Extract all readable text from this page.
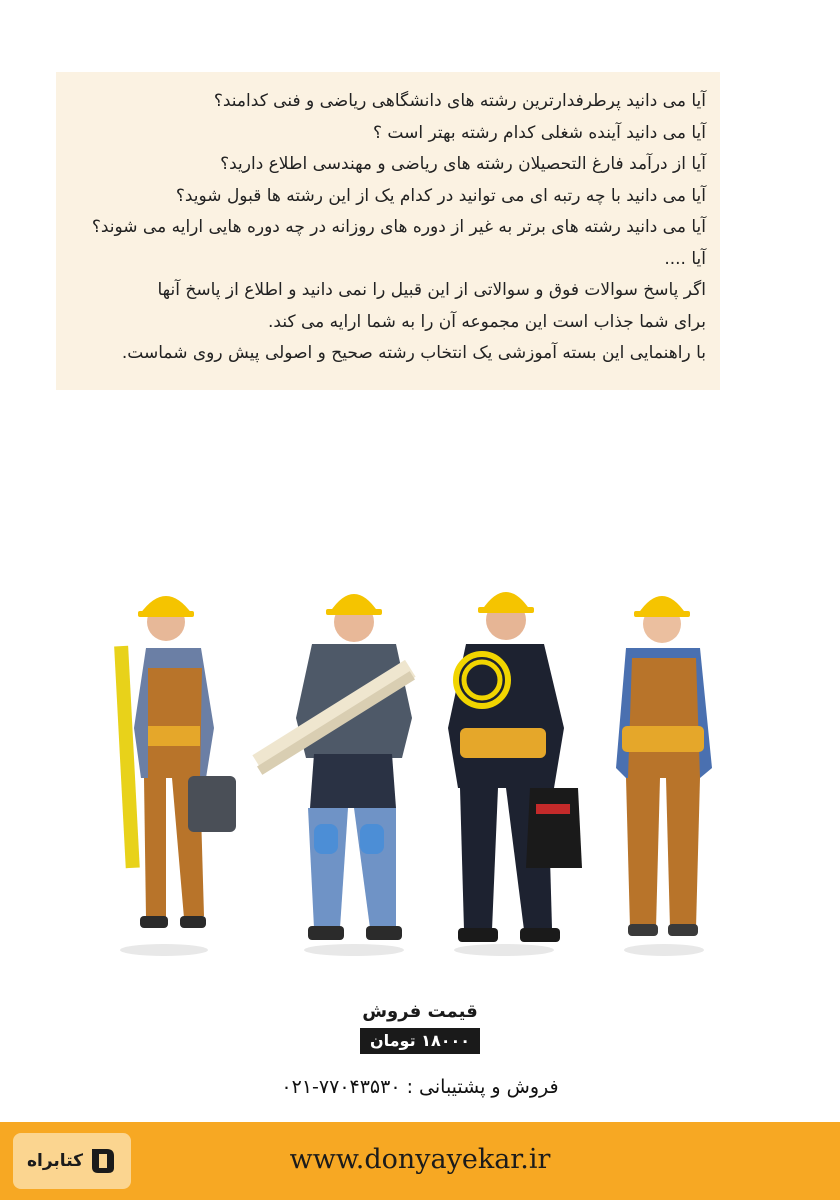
آیا می دانید پرطرفدارترین رشته های دانشگاهی ریاضی و فنی کدامند؟
آیا می دانید آینده شغلی کدام رشته بهتر است ؟
آیا از درآمد فارغ التحصیلان رشته های ریاضی و مهندسی اطلاع دارید؟
آیا می دانید با چه رتبه ای می توانید در کدام یک از این رشته ها قبول شوید؟
آیا می دانید رشته های برتر به غیر از دوره های روزانه در چه دوره هایی ارایه می شوند؟
آیا ....
اگر پاسخ سوالات فوق و سوالاتی از این قبیل را نمی دانید و اطلاع از پاسخ آنها
برای شما جذاب است این مجموعه آن را به شما ارایه می کند.
با راهنمایی این بسته آموزشی یک انتخاب رشته صحیح و اصولی پیش روی شماست.
قیمت فروش
۱۸۰۰۰ تومان
فروش و پشتیبانی : ۷۷۰۴۳۵۳۰-۰۲۱
کتابراه	www.donyayekar.ir
